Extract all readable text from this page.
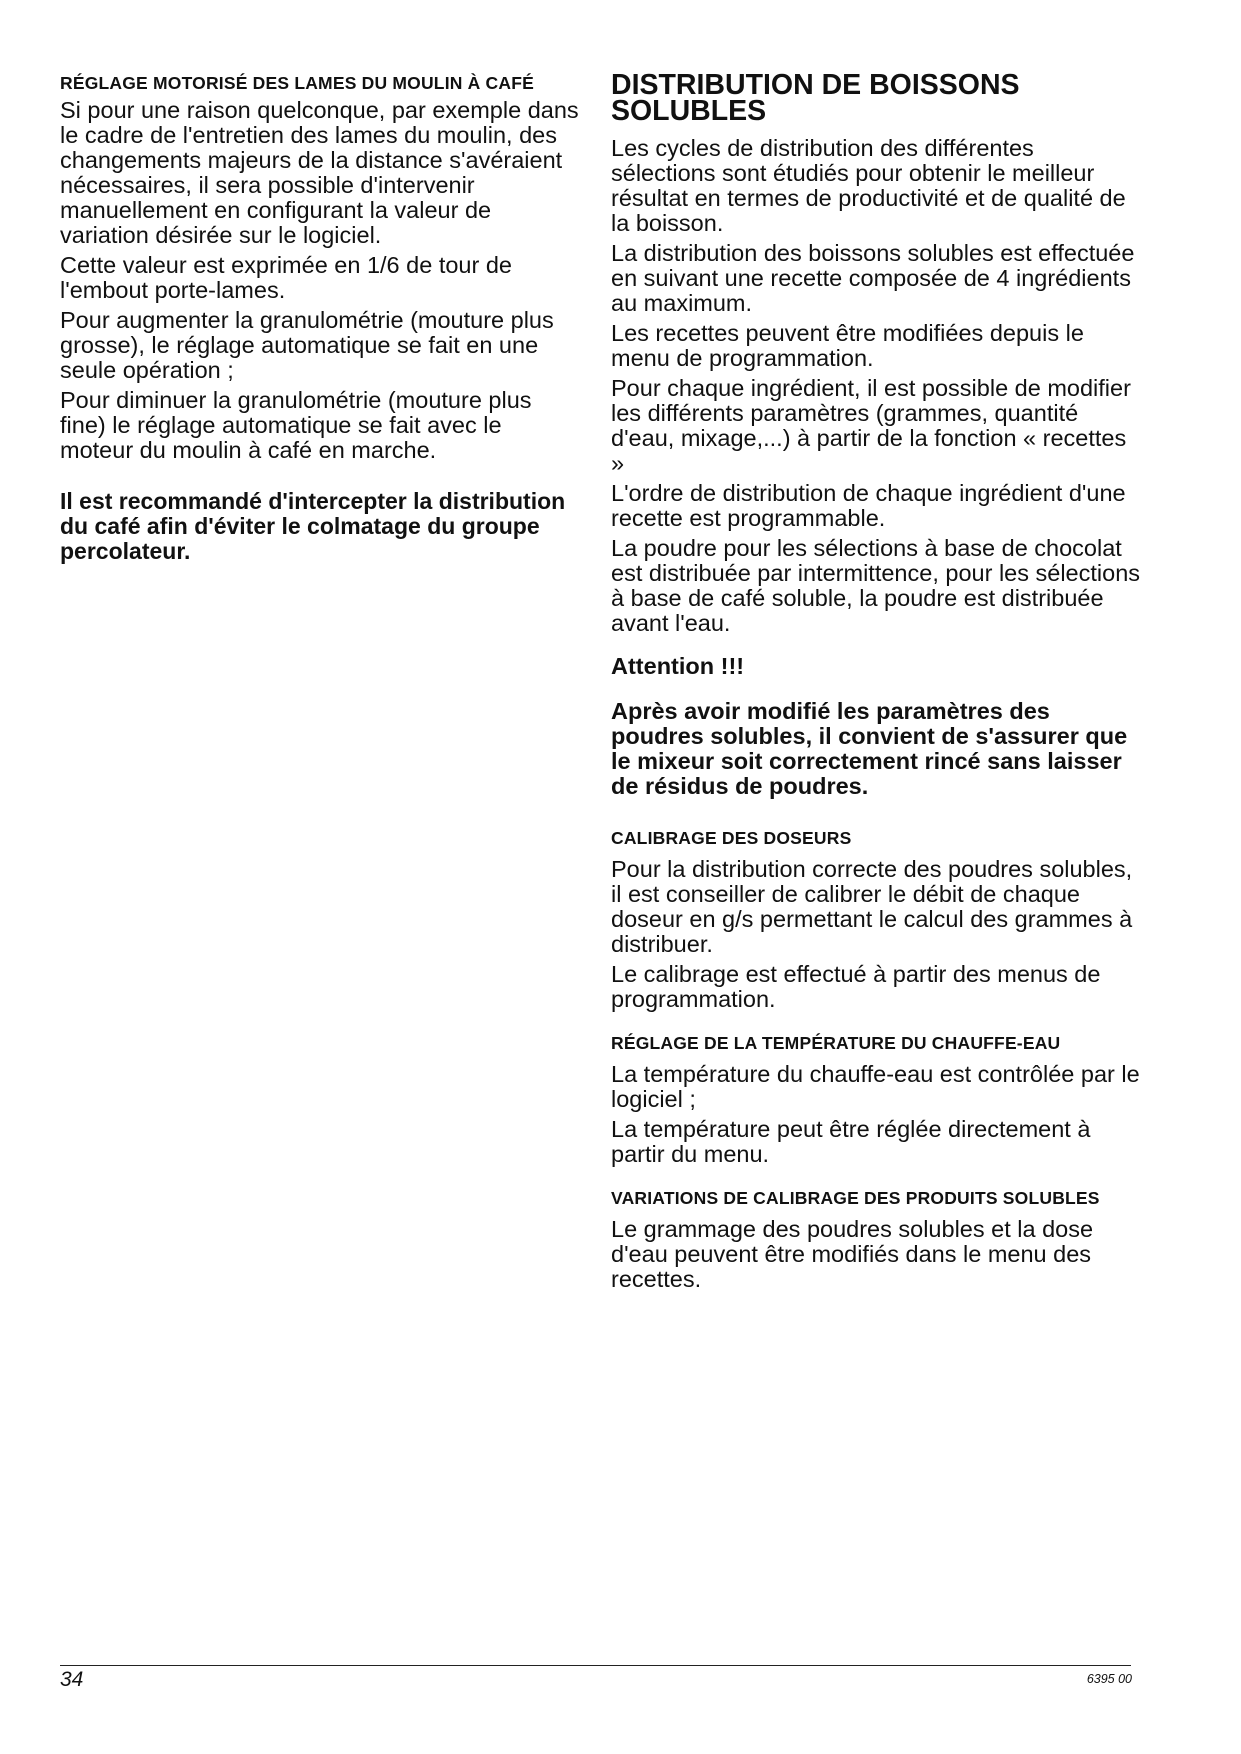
RÉGLAGE MOTORISÉ DES LAMES DU MOULIN À CAFÉ

Si pour une raison quelconque, par exemple dans le cadre de l'entretien des lames du moulin, des changements majeurs de la distance s'avéraient nécessaires, il sera possible d'intervenir manuellement en configurant la valeur de variation désirée sur le logiciel.

Cette valeur est exprimée en 1/6 de tour de l'embout porte-lames.

Pour augmenter la granulométrie (mouture plus grosse), le réglage automatique se fait en une seule opération ;

Pour diminuer la granulométrie (mouture plus fine) le réglage automatique se fait avec le moteur du moulin à café en marche.

Il est recommandé d'intercepter la distribution du café afin d'éviter le colmatage du groupe percolateur.

DISTRIBUTION DE BOISSONS SOLUBLES

Les cycles de distribution des différentes sélections sont étudiés pour obtenir le meilleur résultat en termes de productivité et de qualité de la boisson.

La distribution des boissons solubles est effectuée en suivant une recette composée de 4 ingrédients au maximum.

Les recettes peuvent être modifiées depuis le menu de programmation.

Pour chaque ingrédient, il est possible de modifier les différents paramètres (grammes, quantité d'eau, mixage,...) à partir de la fonction « recettes »

L'ordre de distribution de chaque ingrédient d'une recette est programmable.

La poudre pour les sélections à base de chocolat est distribuée par intermittence, pour les sélections à base de café soluble, la poudre est distribuée avant l'eau.

Attention !!!

Après avoir modifié les paramètres des poudres solubles, il convient de s'assurer que le mixeur soit correctement rincé sans laisser de résidus de poudres.

CALIBRAGE DES DOSEURS

Pour la distribution correcte des poudres solubles, il est conseiller de calibrer le débit de chaque doseur en g/s permettant le calcul des grammes à distribuer.

Le calibrage est effectué à partir des menus de programmation.

RÉGLAGE DE LA TEMPÉRATURE DU CHAUFFE-EAU

La température du chauffe-eau est contrôlée par le logiciel ;

La température peut être réglée directement à partir du menu.

VARIATIONS DE CALIBRAGE DES PRODUITS SOLUBLES

Le grammage des poudres solubles et la dose d'eau peuvent être modifiés dans le menu des recettes.

34	6395 00
